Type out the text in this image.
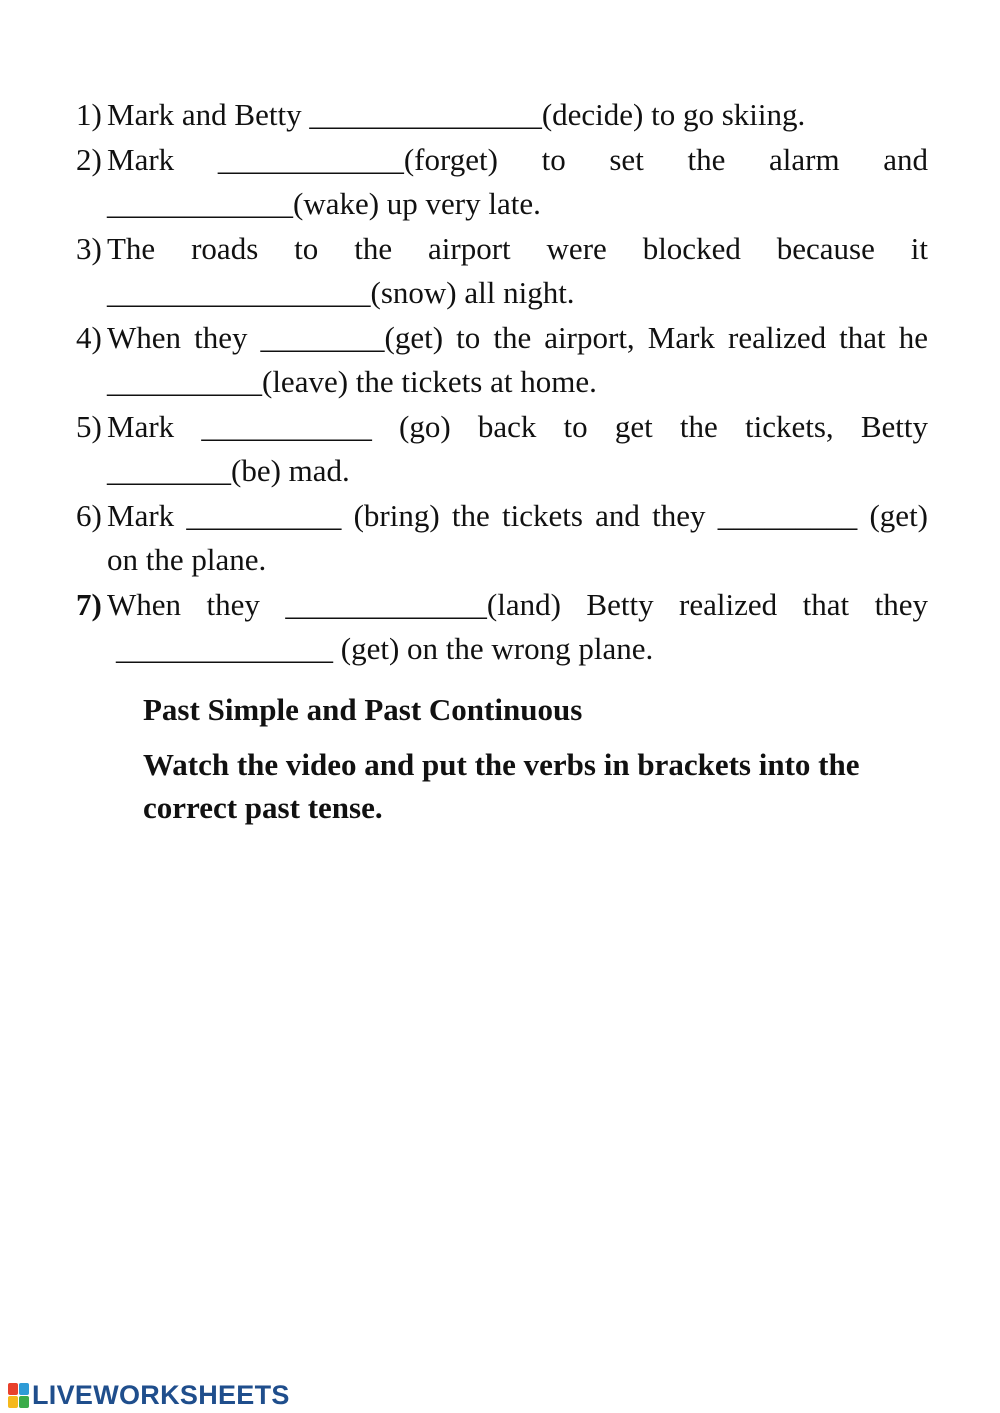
1) Mark and Betty _______________(decide) to go skiing.
2) Mark ____________(forget) to set the alarm and ____________(wake) up very late.
3) The roads to the airport were blocked because it _________________(snow) all night.
4) When they ________(get) to the airport, Mark realized that he __________(leave) the tickets at home.
5) Mark ___________ (go) back to get the tickets, Betty ________(be) mad.
6) Mark __________ (bring) the tickets and they _________ (get) on the plane.
7) When they _____________(land) Betty realized that they ______________ (get) on the wrong plane.
Past Simple and Past Continuous

Watch the video and put the verbs in brackets into the correct past tense.

LIVEWORKSHEETS
